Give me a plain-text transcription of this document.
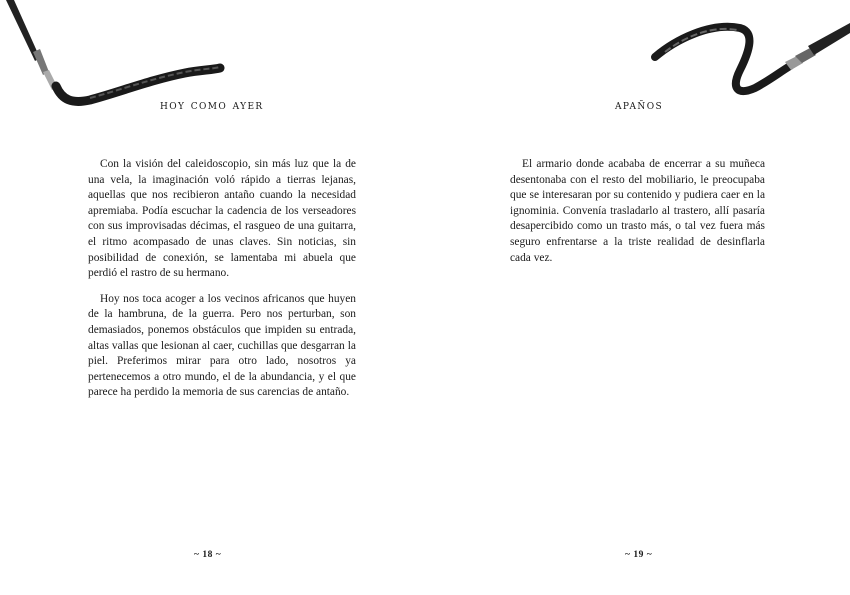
hoy como ayer

Con la visión del caleidoscopio, sin más luz que la de una vela, la imaginación voló rápido a tierras lejanas, aquellas que nos recibieron antaño cuando la necesidad apremiaba. Podía escuchar la cadencia de los verseadores con sus improvisadas décimas, el rasgueo de una guitarra, el ritmo acompasado de unas claves. Sin noticias, sin posibilidad de conexión, se lamentaba mi abuela que perdió el rastro de su hermano.

Hoy nos toca acoger a los vecinos africanos que huyen de la hambruna, de la guerra. Pero nos perturban, son demasiados, ponemos obstáculos que impiden su entrada, altas vallas que lesionan al caer, cuchillas que desgarran la piel. Preferimos mirar para otro lado, nosotros ya pertenecemos a otro mundo, el de la abundancia, y el que parece ha perdido la memoria de sus carencias de antaño.

~ 18 ~
apaños

El armario donde acababa de encerrar a su muñeca desentonaba con el resto del mobiliario, le preocupaba que se interesaran por su contenido y pudiera caer en la ignominia. Convenía trasladarlo al trastero, allí pasaría desapercibido como un trasto más, o tal vez fuera más seguro enfrentarse a la triste realidad de desinflarla cada vez.

~ 19 ~
